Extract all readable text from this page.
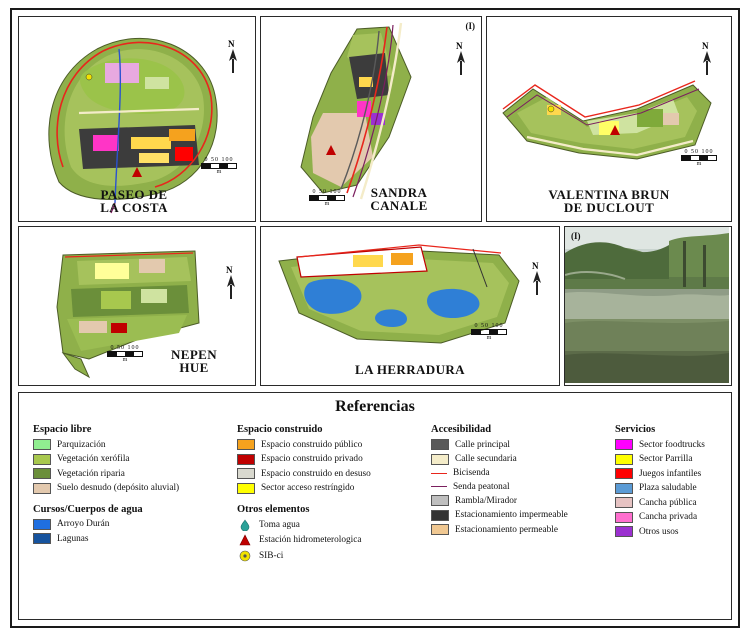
N
0 50 100
m
PASEO DE
LA COSTA
(I)
N
0 50 100
m
SANDRA
CANALE
N
0 50 100
m
VALENTINA BRUN
DE DUCLOUT
N
0 50 100
m	NEPEN
HUE
N
0 50 100
m
LA HERRADURA
(I)
Referencias
Espacio libre
Parquización
Vegetación xerófila
Vegetación riparia
Suelo desnudo (depósito aluvial)
Cursos/Cuerpos de agua
Arroyo Durán
Lagunas
Espacio construido
Espacio construido público
Espacio construido privado
Espacio construido en desuso
Sector acceso restríngido
Otros elementos
Toma agua
Estación hidrometerologica
SIB-ci
Accesibilidad
Calle principal
Calle secundaria
Bicisenda
Senda peatonal
Rambla/Mirador
Estacionamiento impermeable
Estacionamiento permeable
Servicios
Sector foodtrucks
Sector Parrilla
Juegos infantiles
Plaza saludable
Cancha pública
Cancha privada
Otros usos
